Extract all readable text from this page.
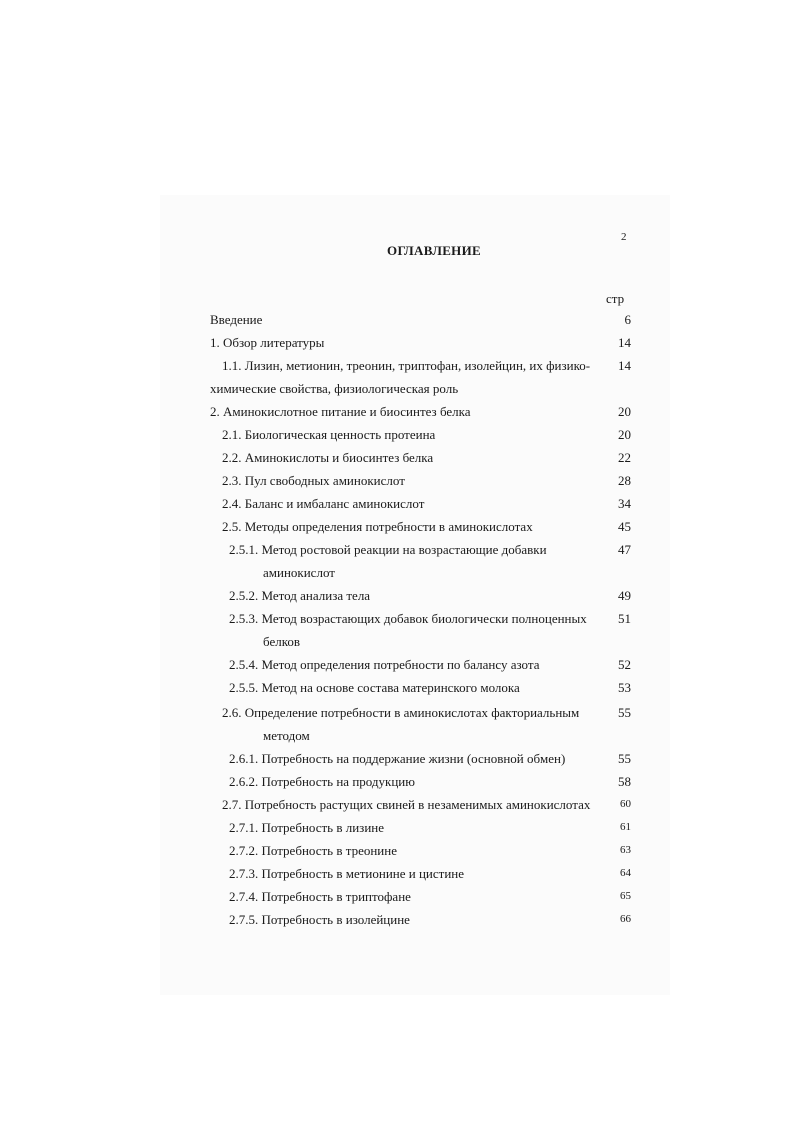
2
ОГЛАВЛЕНИЕ
стр
Введение	6
1. Обзор литературы	14
1.1. Лизин, метионин, треонин, триптофан, изолейцин, их физико-	14
химические свойства, физиологическая роль
2. Аминокислотное питание и биосинтез белка	20
2.1. Биологическая ценность протеина	20
2.2. Аминокислоты и биосинтез белка	22
2.3. Пул свободных аминокислот	28
2.4. Баланс и имбаланс аминокислот	34
2.5. Методы определения потребности в аминокислотах	45
2.5.1. Метод ростовой реакции на возрастающие добавки	47
аминокислот
2.5.2. Метод анализа тела	49
2.5.3. Метод возрастающих добавок биологически полноценных	51
белков
2.5.4. Метод определения потребности по балансу азота	52
2.5.5. Метод на основе состава материнского молока	53
2.6. Определение потребности в аминокислотах факториальным	55
методом
2.6.1. Потребность на поддержание жизни (основной обмен)	55
2.6.2. Потребность на продукцию	58
2.7. Потребность растущих свиней в незаменимых аминокислотах	60
2.7.1. Потребность в лизине	61
2.7.2. Потребность в треонине	63
2.7.3. Потребность в метионине и цистине	64
2.7.4. Потребность в триптофане	65
2.7.5. Потребность в изолейцине	66
